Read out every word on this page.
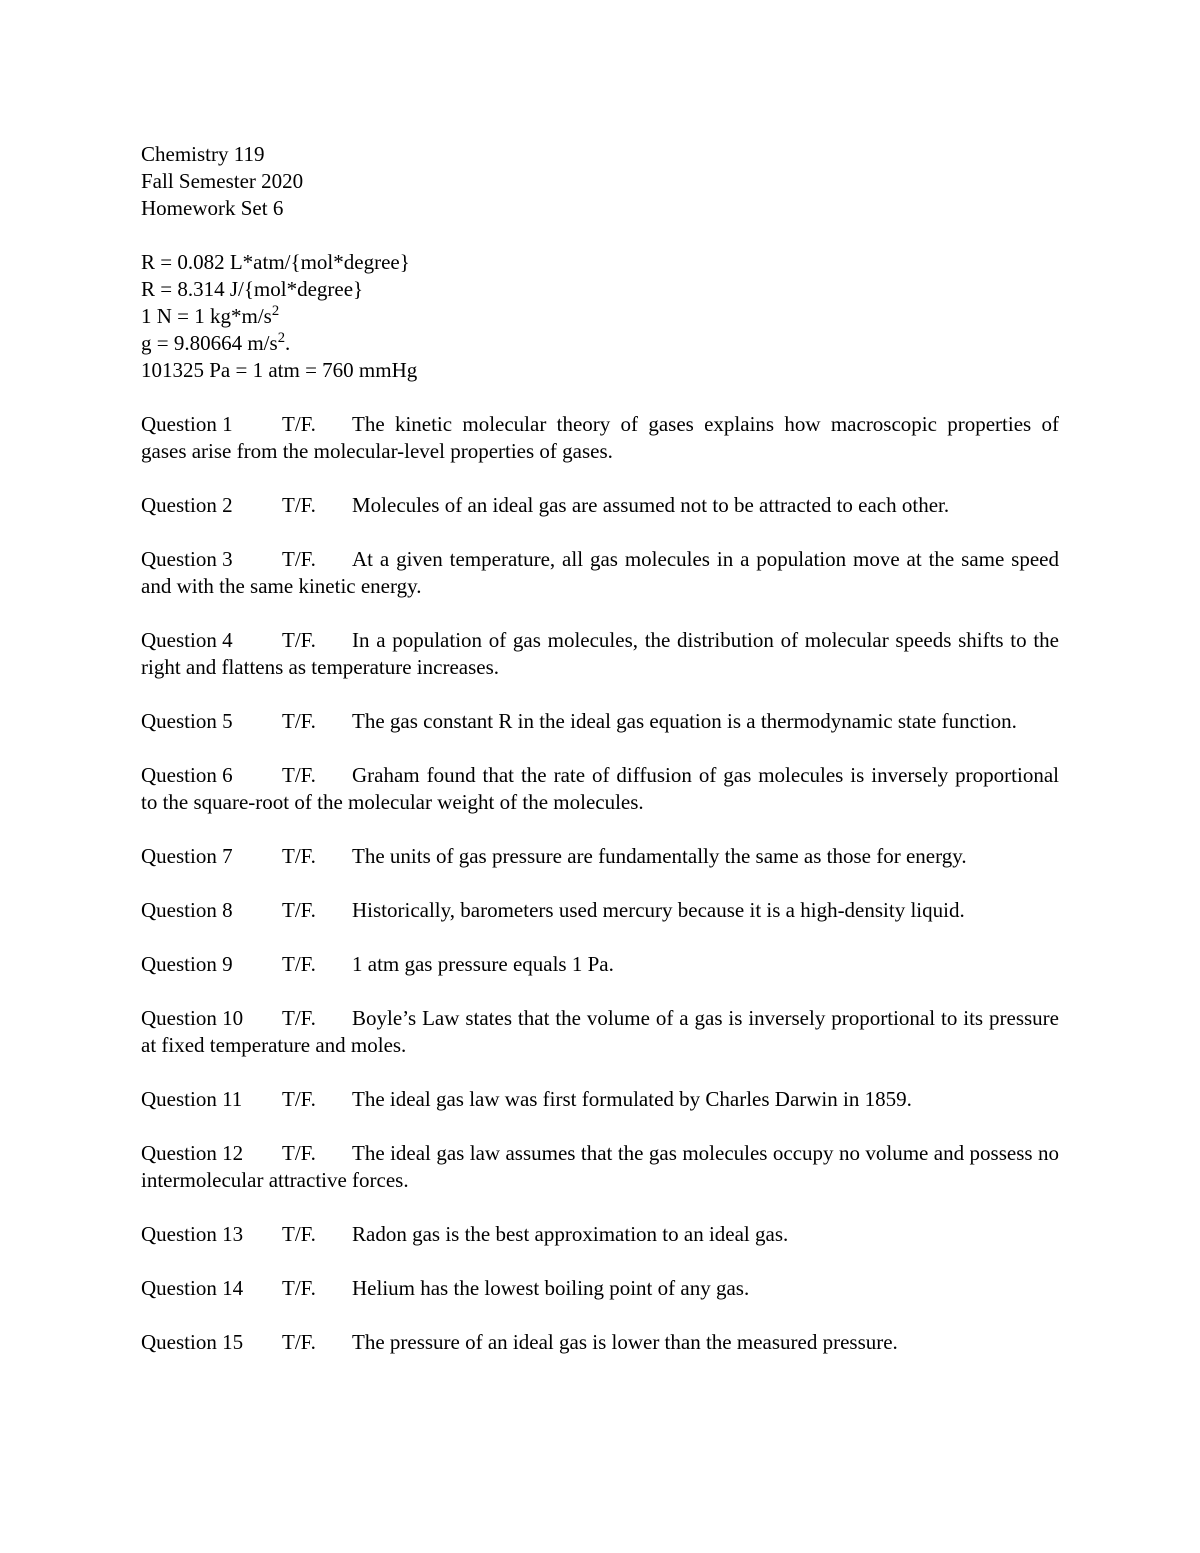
Chemistry 119
Fall Semester 2020
Homework Set 6
R = 0.082 L*atm/{mol*degree}
R = 8.314 J/{mol*degree}
1 N = 1 $kg*m/s^2$
g = 9.80664 $m/s^2$.
101325 Pa = 1 atm = 760 mmHg
Question 1 T/F. The kinetic molecular theory of gases explains how macroscopic properties of gases arise from the molecular-level properties of gases.
Question 2 T/F. Molecules of an ideal gas are assumed not to be attracted to each other.
Question 3 T/F. At a given temperature, all gas molecules in a population move at the same speed and with the same kinetic energy.
Question 4 T/F. In a population of gas molecules, the distribution of molecular speeds shifts to the right and flattens as temperature increases.
Question 5 T/F. The gas constant R in the ideal gas equation is a thermodynamic state function.
Question 6 T/F. Graham found that the rate of diffusion of gas molecules is inversely proportional to the square-root of the molecular weight of the molecules.
Question 7 T/F. The units of gas pressure are fundamentally the same as those for energy.
Question 8 T/F. Historically, barometers used mercury because it is a high-density liquid.
Question 9 T/F. 1 atm gas pressure equals 1 Pa.
Question 10 T/F. Boyle’s Law states that the volume of a gas is inversely proportional to its pressure at fixed temperature and moles.
Question 11 T/F. The ideal gas law was first formulated by Charles Darwin in 1859.
Question 12 T/F. The ideal gas law assumes that the gas molecules occupy no volume and possess no intermolecular attractive forces.
Question 13 T/F. Radon gas is the best approximation to an ideal gas.
Question 14 T/F. Helium has the lowest boiling point of any gas.
Question 15 T/F. The pressure of an ideal gas is lower than the measured pressure.
